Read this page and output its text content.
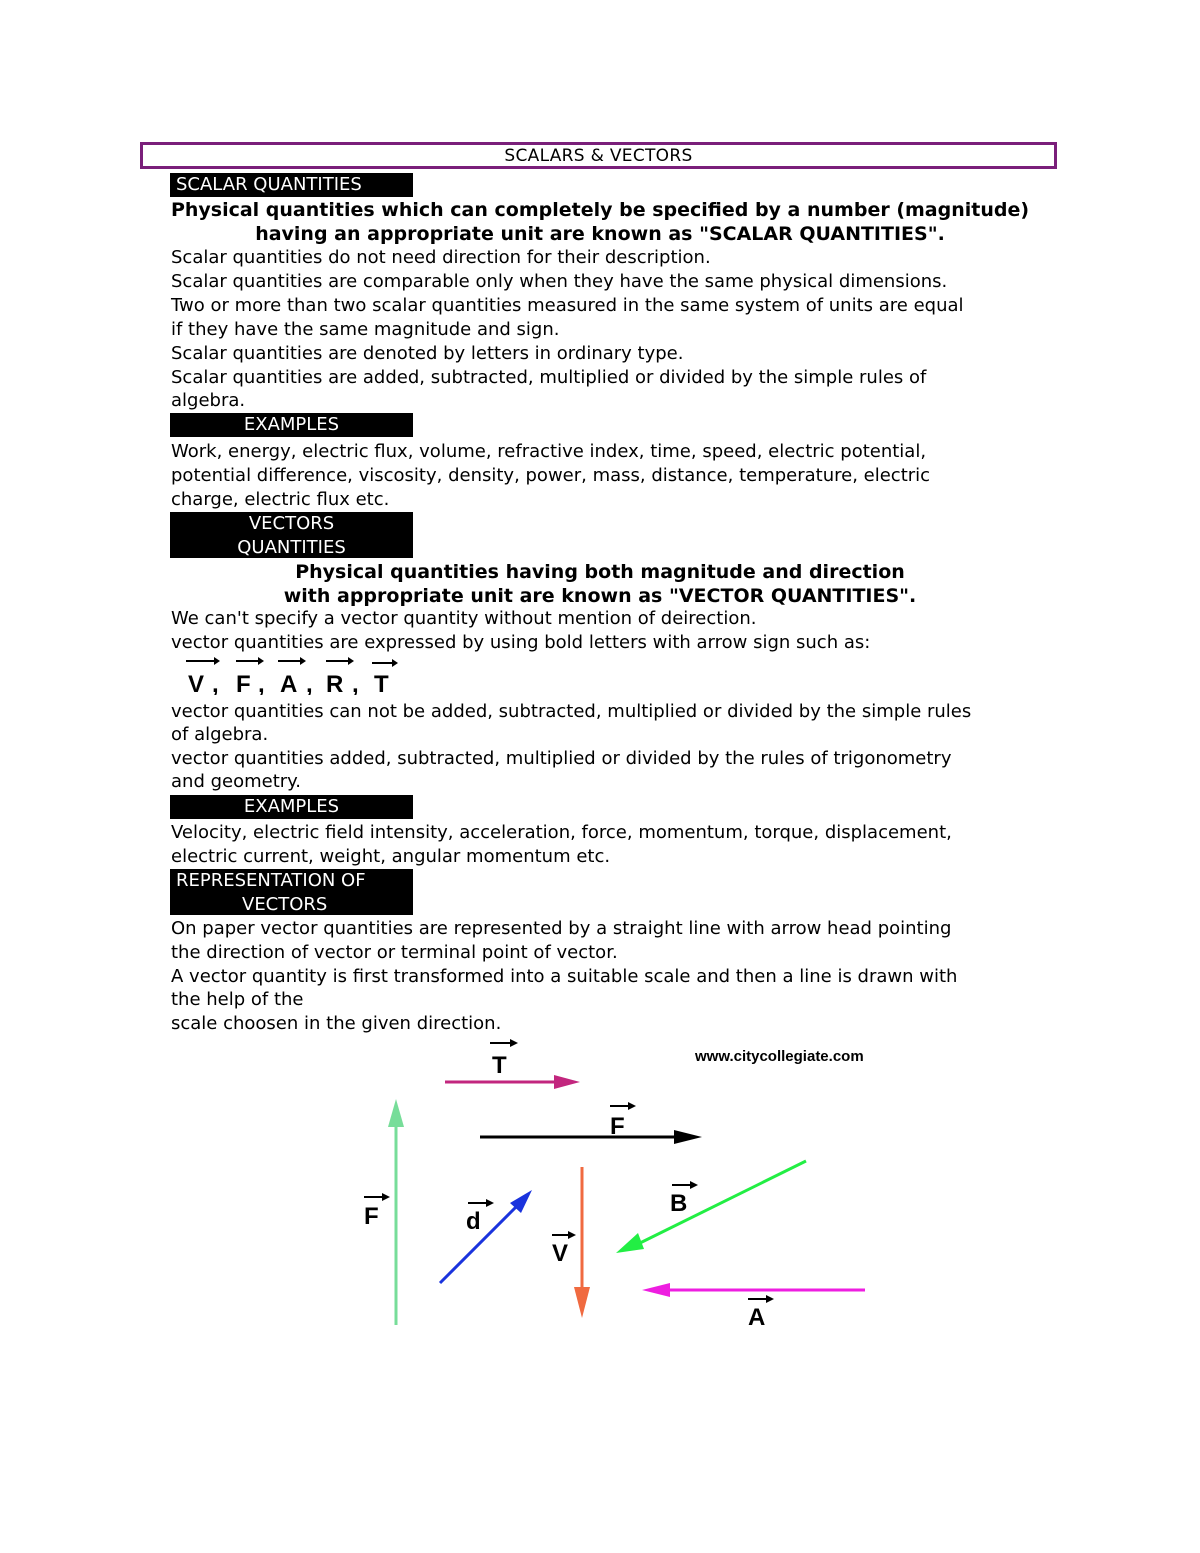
SCALARS & VECTORS
SCALAR QUANTITIES
Physical quantities which can completely be specified by a number (magnitude)
having an appropriate unit are known as "SCALAR QUANTITIES".
Scalar quantities do not need direction for their description.
Scalar quantities are comparable only when they have the same physical dimensions.
Two or more than two scalar quantities measured in the same system of units are equal
if they have the same magnitude and sign.
Scalar quantities are denoted by letters in ordinary type.
Scalar quantities are added, subtracted, multiplied or divided by the simple rules of
algebra.
EXAMPLES
Work, energy, electric flux, volume, refractive index, time, speed, electric potential,
potential difference, viscosity, density, power, mass, distance, temperature, electric
charge, electric flux etc.
VECTORS
QUANTITIES
Physical quantities having both magnitude and direction
with appropriate unit are known as "VECTOR QUANTITIES".
We can't specify a vector quantity without mention of deirection.
vector quantities are expressed by using bold letters with arrow sign such as:
V , F , A , R , T
vector quantities can not be added, subtracted, multiplied or divided by the simple rules
of algebra.
vector quantities added, subtracted, multiplied or divided by the rules of trigonometry
and geometry.
EXAMPLES
Velocity, electric field intensity, acceleration, force, momentum, torque, displacement,
electric current, weight, angular momentum etc.
REPRESENTATION OF
VECTORS
On paper vector quantities are represented by a straight line with arrow head pointing
the direction of vector or terminal point of vector.
A vector quantity is first transformed into a suitable scale and then a line is drawn with
the help of the
scale choosen in the given direction.
www.citycollegiate.com
T
F
F	d
V
B
A
